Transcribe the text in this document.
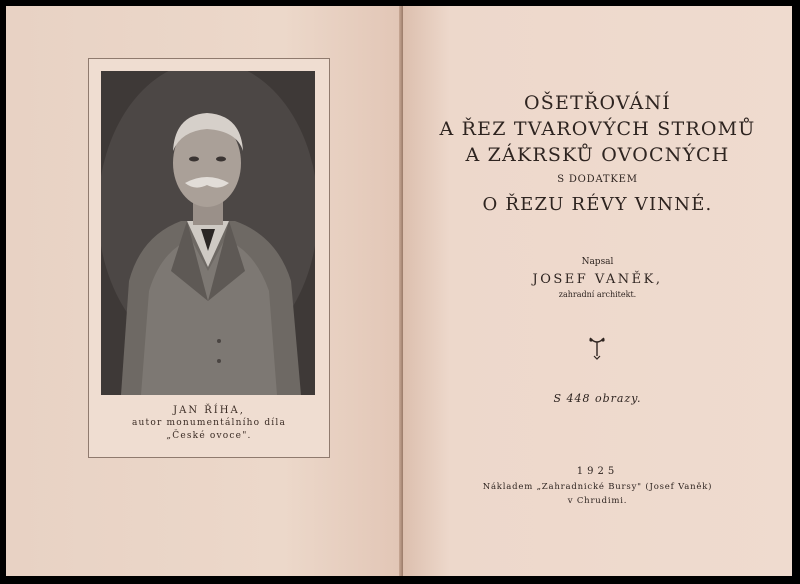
JAN ŘÍHA,
autor monumentálního díla
„České ovoce".
OŠETŘOVÁNÍ
A ŘEZ TVAROVÝCH STROMŮ
A ZÁKRSKŮ OVOCNÝCH
S DODATKEM
O ŘEZU RÉVY VINNÉ.
Napsal
JOSEF VANĚK,
zahradní architekt.
S 448 obrazy.
1925
Nákladem „Zahradnické Bursy" (Josef Vaněk)
v Chrudimi.
